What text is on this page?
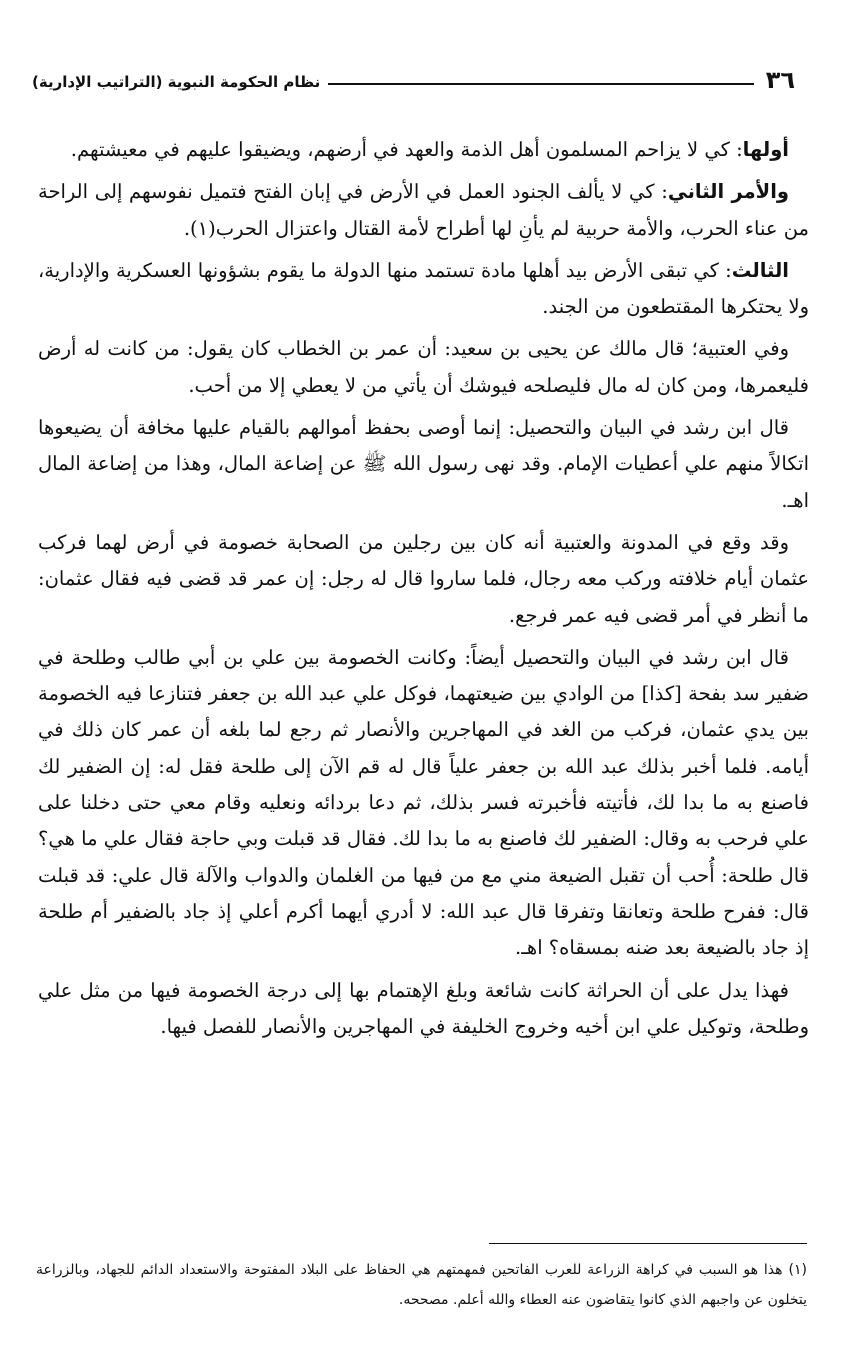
٣٦
نظام الحكومة النبوية (التراتيب الإدارية)

أولها: كي لا يزاحم المسلمون أهل الذمة والعهد في أرضهم، ويضيقوا عليهم في معيشتهم.

والأمر الثاني: كي لا يألف الجنود العمل في الأرض في إبان الفتح فتميل نفوسهم إلى الراحة من عناء الحرب، والأمة حربية لم يأنِ لها أطراح لأمة القتال واعتزال الحرب(١).

الثالث: كي تبقى الأرض بيد أهلها مادة تستمد منها الدولة ما يقوم بشؤونها العسكرية والإدارية، ولا يحتكرها المقتطعون من الجند.

وفي العتبية؛ قال مالك عن يحيى بن سعيد: أن عمر بن الخطاب كان يقول: من كانت له أرض فليعمرها، ومن كان له مال فليصلحه فيوشك أن يأتي من لا يعطي إلا من أحب.

قال ابن رشد في البيان والتحصيل: إنما أوصى بحفظ أموالهم بالقيام عليها مخافة أن يضيعوها اتكالاً منهم علي أعطيات الإمام. وقد نهى رسول الله ﷺ عن إضاعة المال، وهذا من إضاعة المال اهـ.

وقد وقع في المدونة والعتبية أنه كان بين رجلين من الصحابة خصومة في أرض لهما فركب عثمان أيام خلافته وركب معه رجال، فلما ساروا قال له رجل: إن عمر قد قضى فيه فقال عثمان: ما أنظر في أمر قضى فيه عمر فرجع.

قال ابن رشد في البيان والتحصيل أيضاً: وكانت الخصومة بين علي بن أبي طالب وطلحة في ضفير سد بفحة [كذا] من الوادي بين ضيعتهما، فوكل علي عبد الله بن جعفر فتنازعا فيه الخصومة بين يدي عثمان، فركب من الغد في المهاجرين والأنصار ثم رجع لما بلغه أن عمر كان ذلك في أيامه. فلما أخبر بذلك عبد الله بن جعفر علياً قال له قم الآن إلى طلحة فقل له: إن الضفير لك فاصنع به ما بدا لك، فأتيته فأخبرته فسر بذلك، ثم دعا بردائه ونعليه وقام معي حتى دخلنا على علي فرحب به وقال: الضفير لك فاصنع به ما بدا لك. فقال قد قبلت وبي حاجة فقال علي ما هي؟ قال طلحة: أُحب أن تقبل الضيعة مني مع من فيها من الغلمان والدواب والآلة قال علي: قد قبلت قال: ففرح طلحة وتعانقا وتفرقا قال عبد الله: لا أدري أيهما أكرم أعلي إذ جاد بالضفير أم طلحة إذ جاد بالضيعة بعد ضنه بمسقاه؟ اهـ.

فهذا يدل على أن الحراثة كانت شائعة وبلغ الإهتمام بها إلى درجة الخصومة فيها من مثل علي وطلحة، وتوكيل علي ابن أخيه وخروج الخليفة في المهاجرين والأنصار للفصل فيها.

(١)هذا هو السبب في كراهة الزراعة للعرب الفاتحين فمهمتهم هي الحفاظ على البلاد المفتوحة والاستعداد الدائم للجهاد، وبالزراعة يتخلون عن واجبهم الذي كانوا يتقاضون عنه العطاء والله أعلم. مصححه.
